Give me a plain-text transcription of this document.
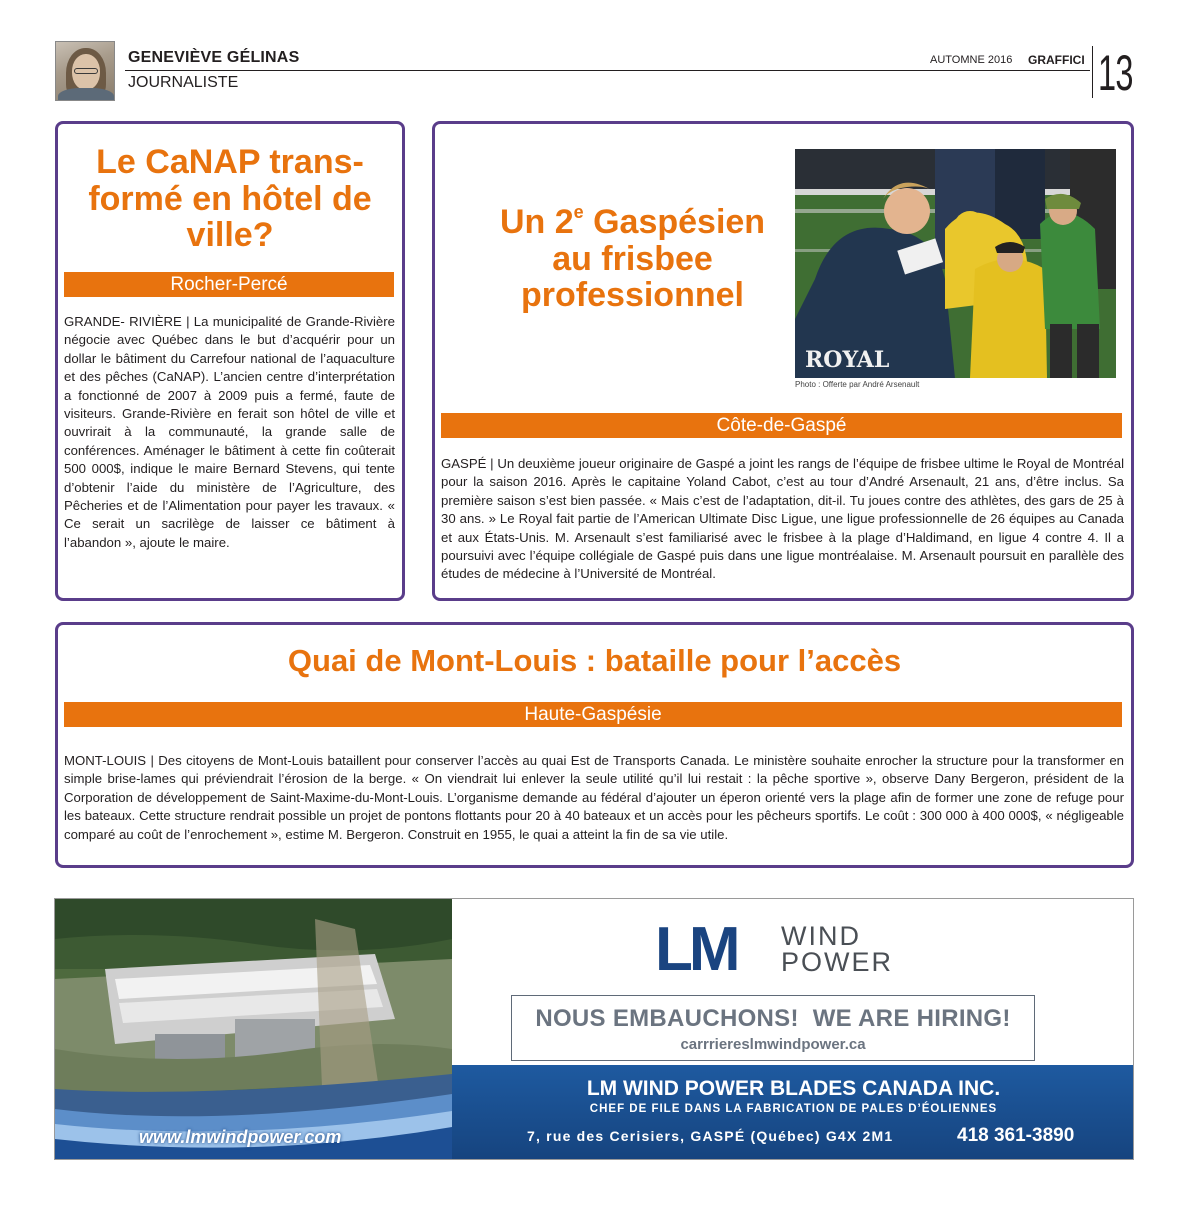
GENEVIÈVE GÉLINAS
JOURNALISTE
AUTOMNE 2016 GRAFFICI 13
Le CaNAP trans-
formé en hôtel de
ville?
Rocher-Percé
GRANDE- RIVIÈRE | La municipalité de Grande-Rivière négocie avec Québec dans le but d’acquérir pour un dollar le bâtiment du Carrefour national de l’aquaculture et des pêches (CaNAP). L’ancien centre d’interprétation a fonctionné de 2007 à 2009 puis a fermé, faute de visiteurs. Grande-Rivière en ferait son hôtel de ville et ouvrirait à la communauté, la grande salle de conférences. Aménager le bâtiment à cette fin coûterait 500 000$, indique le maire Bernard Stevens, qui tente d’obtenir l’aide du ministère de l’Agriculture, des Pêcheries et de l’Alimentation pour payer les travaux. « Ce serait un sacrilège de laisser ce bâtiment à l’abandon », ajoute le maire.
Un 2e Gaspésien
au frisbee
professionnel
ROYAL
Photo : Offerte par André Arsenault
Côte-de-Gaspé
GASPÉ | Un deuxième joueur originaire de Gaspé a joint les rangs de l’équipe de frisbee ultime le Royal de Montréal pour la saison 2016. Après le capitaine Yoland Cabot, c’est au tour d’André Arsenault, 21 ans, d’être inclus. Sa première saison s’est bien passée. « Mais c’est de l’adaptation, dit-il. Tu joues contre des athlètes, des gars de 25 à 30 ans. » Le Royal fait partie de l’American Ultimate Disc Ligue, une ligue professionnelle de 26 équipes au Canada et aux États-Unis. M. Arsenault s’est familiarisé avec le frisbee à la plage d’Haldimand, en ligue 4 contre 4. Il a poursuivi avec l’équipe collégiale de Gaspé puis dans une ligue montréalaise. M. Arsenault poursuit en parallèle des études de médecine à l’Université de Montréal.
Quai de Mont-Louis : bataille pour l’accès
Haute-Gaspésie
MONT-LOUIS | Des citoyens de Mont-Louis bataillent pour conserver l’accès au quai Est de Transports Canada. Le ministère souhaite enrocher la structure pour la transformer en simple brise-lames qui préviendrait l’érosion de la berge. « On viendrait lui enlever la seule utilité qu’il lui restait : la pêche sportive », observe Dany Bergeron, président de la Corporation de développement de Saint-Maxime-du-Mont-Louis. L’organisme demande au fédéral d’ajouter un éperon orienté vers la plage afin de former une zone de refuge pour les bateaux. Cette structure rendrait possible un projet de pontons flottants pour 20 à 40 bateaux et un accès pour les pêcheurs sportifs. Le coût : 300 000 à 400 000$, « négligeable comparé au coût de l’enrochement », estime M. Bergeron. Construit en 1955, le quai a atteint la fin de sa vie utile.
www.lmwindpower.com
LM WIND
POWER
NOUS EMBAUCHONS!  WE ARE HIRING!
carrriereslmwindpower.ca
LM WIND POWER BLADES CANADA INC.
CHEF DE FILE DANS LA FABRICATION DE PALES D’ÉOLIENNES
7, rue des Cerisiers, GASPÉ (Québec) G4X 2M1	418 361-3890
